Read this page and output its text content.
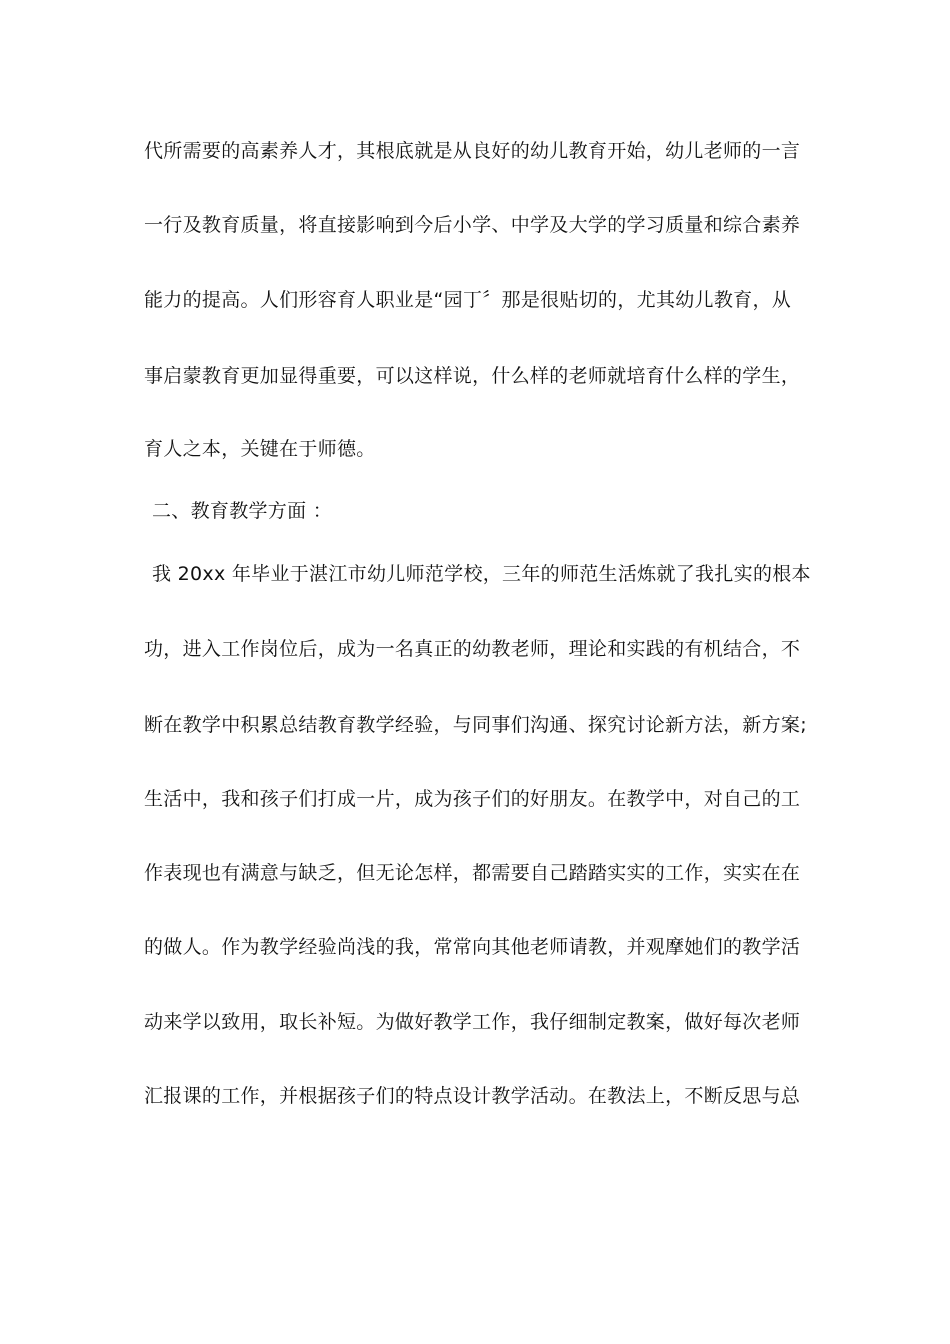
代所需要的高素养人才，其根底就是从良好的幼儿教育开始，幼儿老师的一言
一行及教育质量，将直接影响到今后小学、中学及大学的学习质量和综合素养
能力的提高。人们形容育人职业是“园丁〞那是很贴切的，尤其幼儿教育，从
事启蒙教育更加显得重要，可以这样说，什么样的老师就培育什么样的学生，
育人之本，关键在于师德。
二、教育教学方面 ：
我 20xx 年毕业于湛江市幼儿师范学校，三年的师范生活炼就了我扎实的根本
功，进入工作岗位后，成为一名真正的幼教老师，理论和实践的有机结合，不
断在教学中积累总结教育教学经验，与同事们沟通、探究讨论新方法，新方案;
生活中，我和孩子们打成一片，成为孩子们的好朋友。在教学中，对自己的工
作表现也有满意与缺乏，但无论怎样，都需要自己踏踏实实的工作，实实在在
的做人。作为教学经验尚浅的我，常常向其他老师请教，并观摩她们的教学活
动来学以致用，取长补短。为做好教学工作，我仔细制定教案，做好每次老师
汇报课的工作，并根据孩子们的特点设计教学活动。在教法上，不断反思与总
